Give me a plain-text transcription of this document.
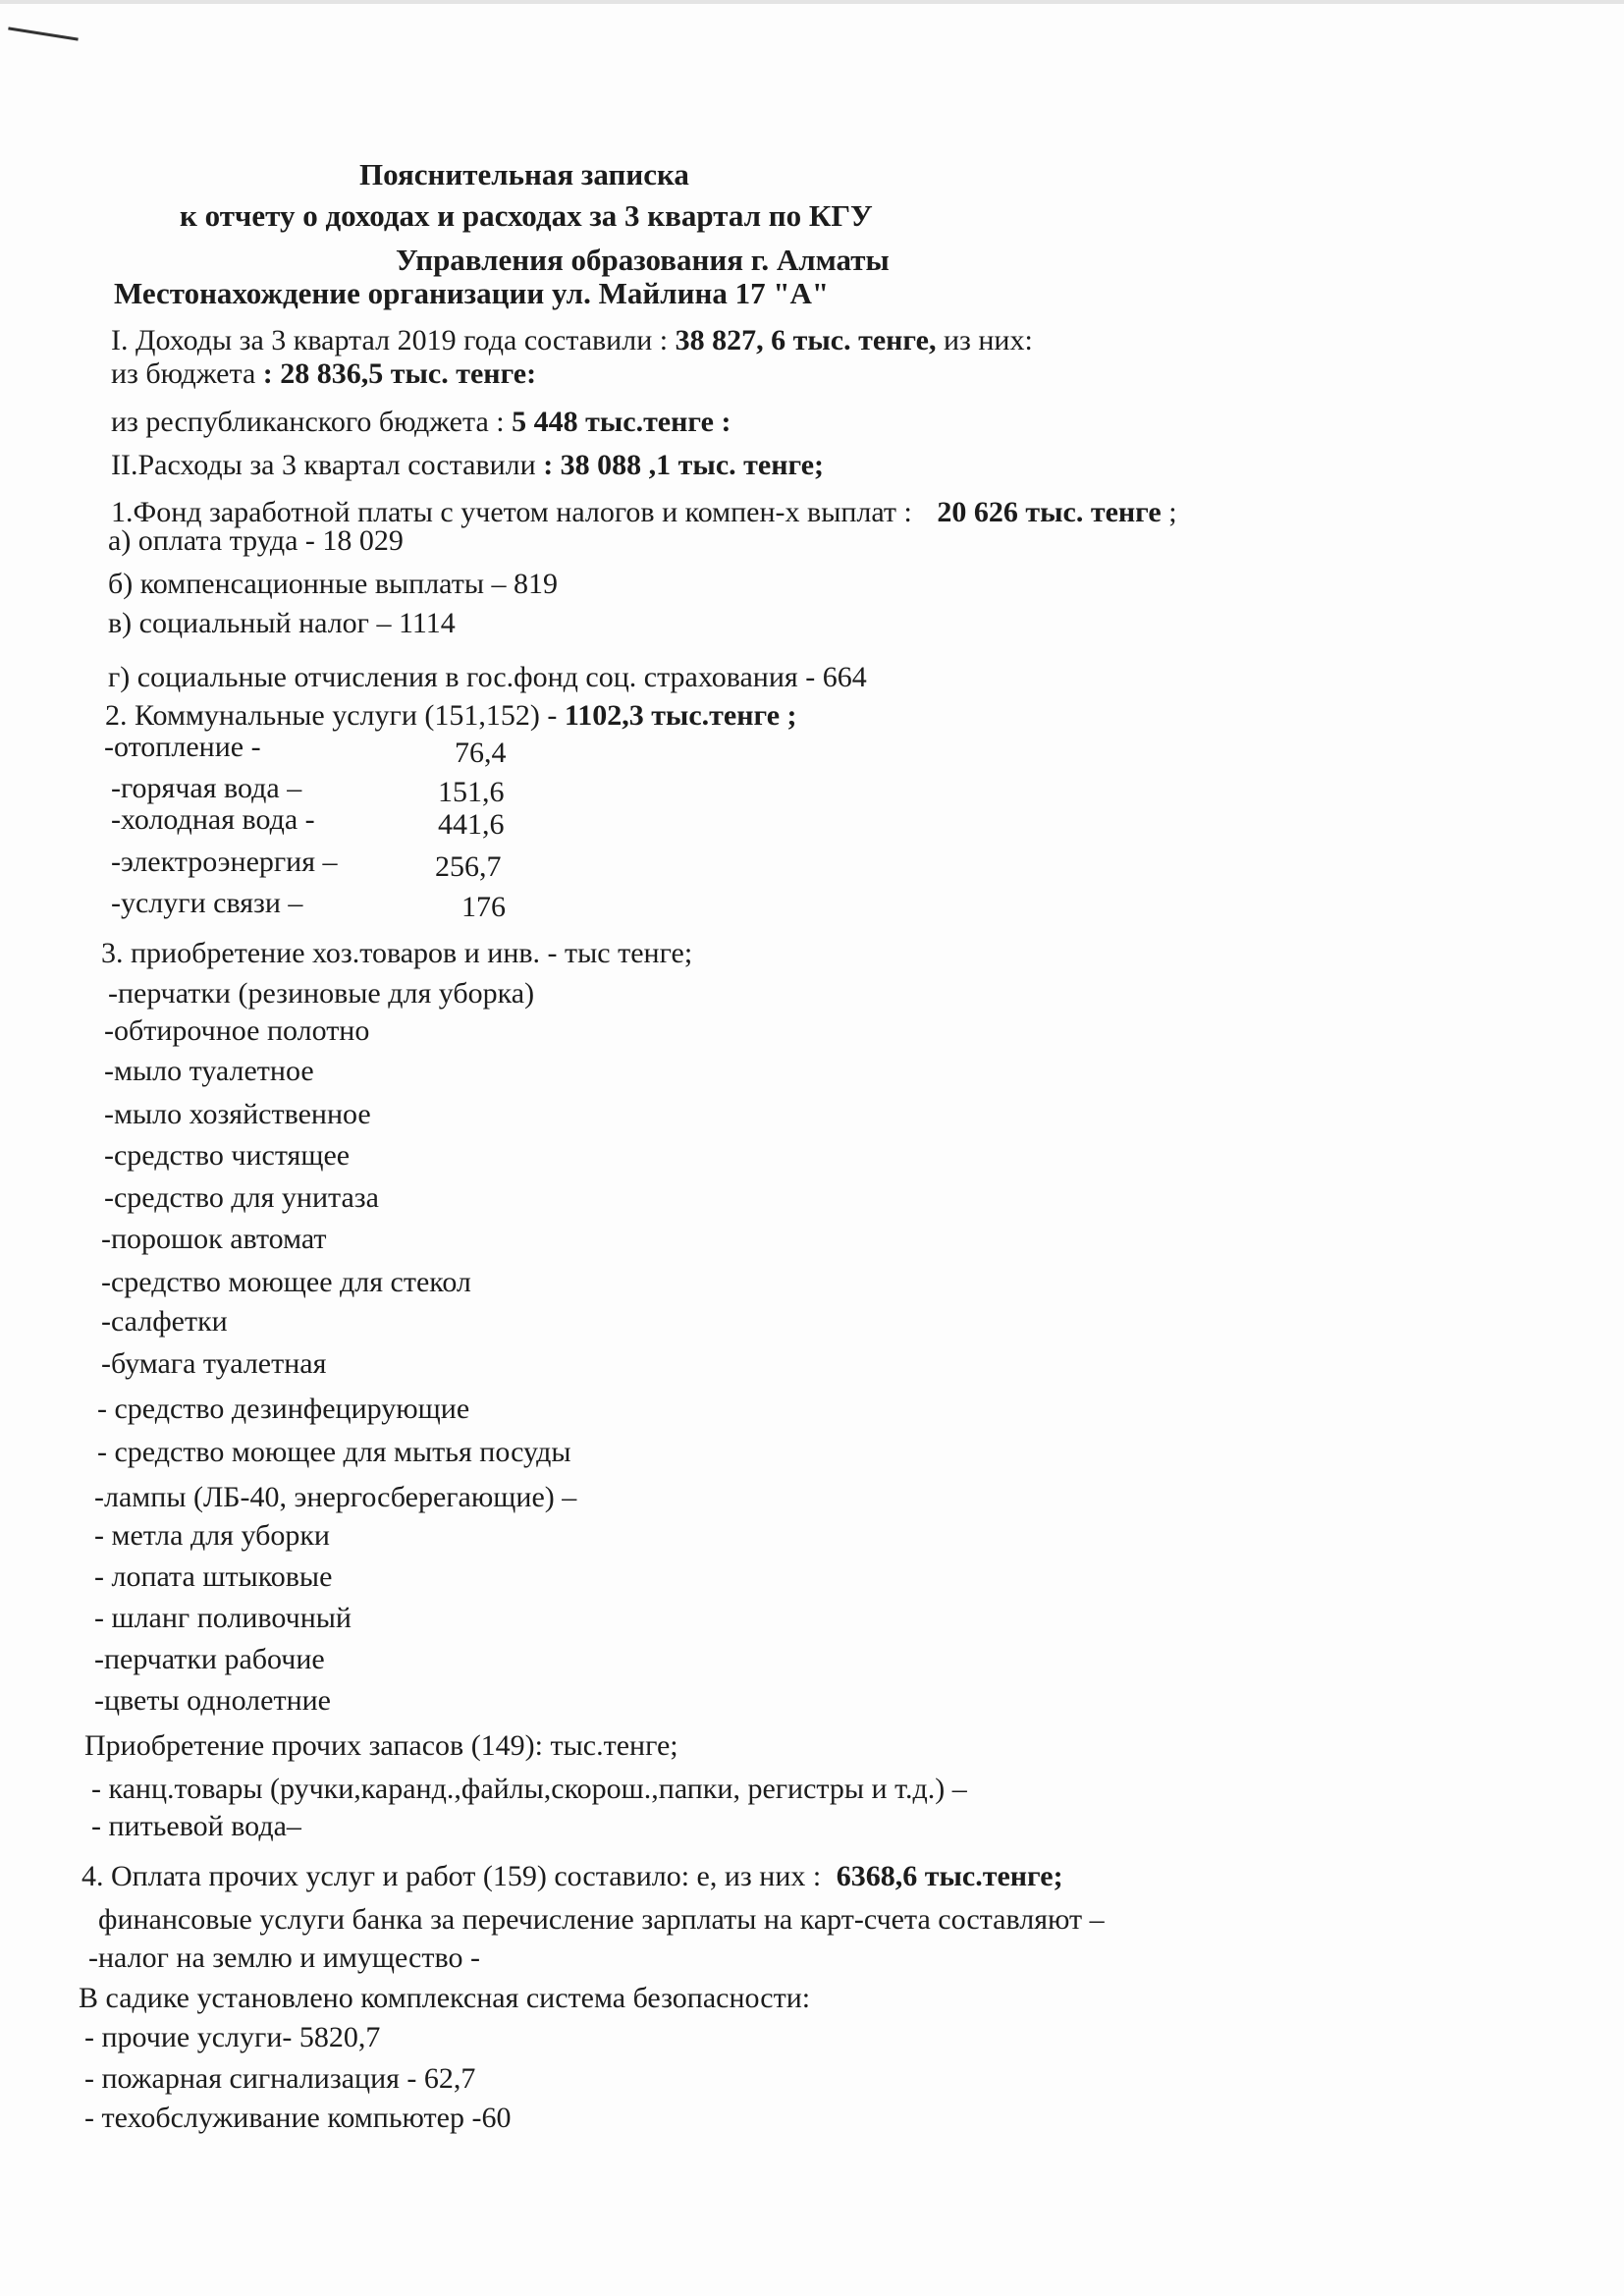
Пояснительная записка
к отчету о доходах и расходах за 3 квартал по КГУ
Управления образования г. Алматы
Местонахождение организации ул. Майлина 17 "А"
I. Доходы за 3 квартал 2019 года составили : 38 827, 6 тыс. тенге, из них:
из бюджета : 28 836,5 тыс. тенге:
из республиканского бюджета : 5 448 тыс.тенге :
II.Расходы за 3 квартал составили : 38 088 ,1 тыс. тенге;
1.Фонд заработной платы с учетом налогов и компен-х выплат : 20 626 тыс. тенге ;
а) оплата труда - 18 029
б) компенсационные выплаты – 819
в) социальный налог – 1114
г) социальные отчисления в гос.фонд соц. страхования - 664
2. Коммунальные услуги (151,152) - 1102,3 тыс.тенге ;
-отопление -	76,4
-горячая вода –	151,6
-холодная вода -	441,6
-электроэнергия –	256,7
-услуги связи –	176
3. приобретение хоз.товаров и инв. - тыс тенге;
-перчатки (резиновые для уборка)
-обтирочное полотно
-мыло туалетное
-мыло хозяйственное
-средство чистящее
-средство для унитаза
-порошок автомат
-средство моющее для стекол
-салфетки
-бумага туалетная
- средство дезинфецирующие
- средство моющее для мытья посуды
-лампы (ЛБ-40, энергосберегающие) –
- метла для уборки
- лопата штыковые
- шланг поливочный
-перчатки рабочие
-цветы однолетние
Приобретение прочих запасов (149): тыс.тенге;
- канц.товары (ручки,каранд.,файлы,скорош.,папки, регистры и т.д.) –
- питьевой вода–
4. Оплата прочих услуг и работ (159) составило: е, из них : 6368,6 тыс.тенге;
финансовые услуги банка за перечисление зарплаты на карт-счета составляют –
-налог на землю и имущество -
В садике установлено комплексная система безопасности:
- прочие услуги- 5820,7
- пожарная сигнализация - 62,7
- техобслуживание компьютер -60
